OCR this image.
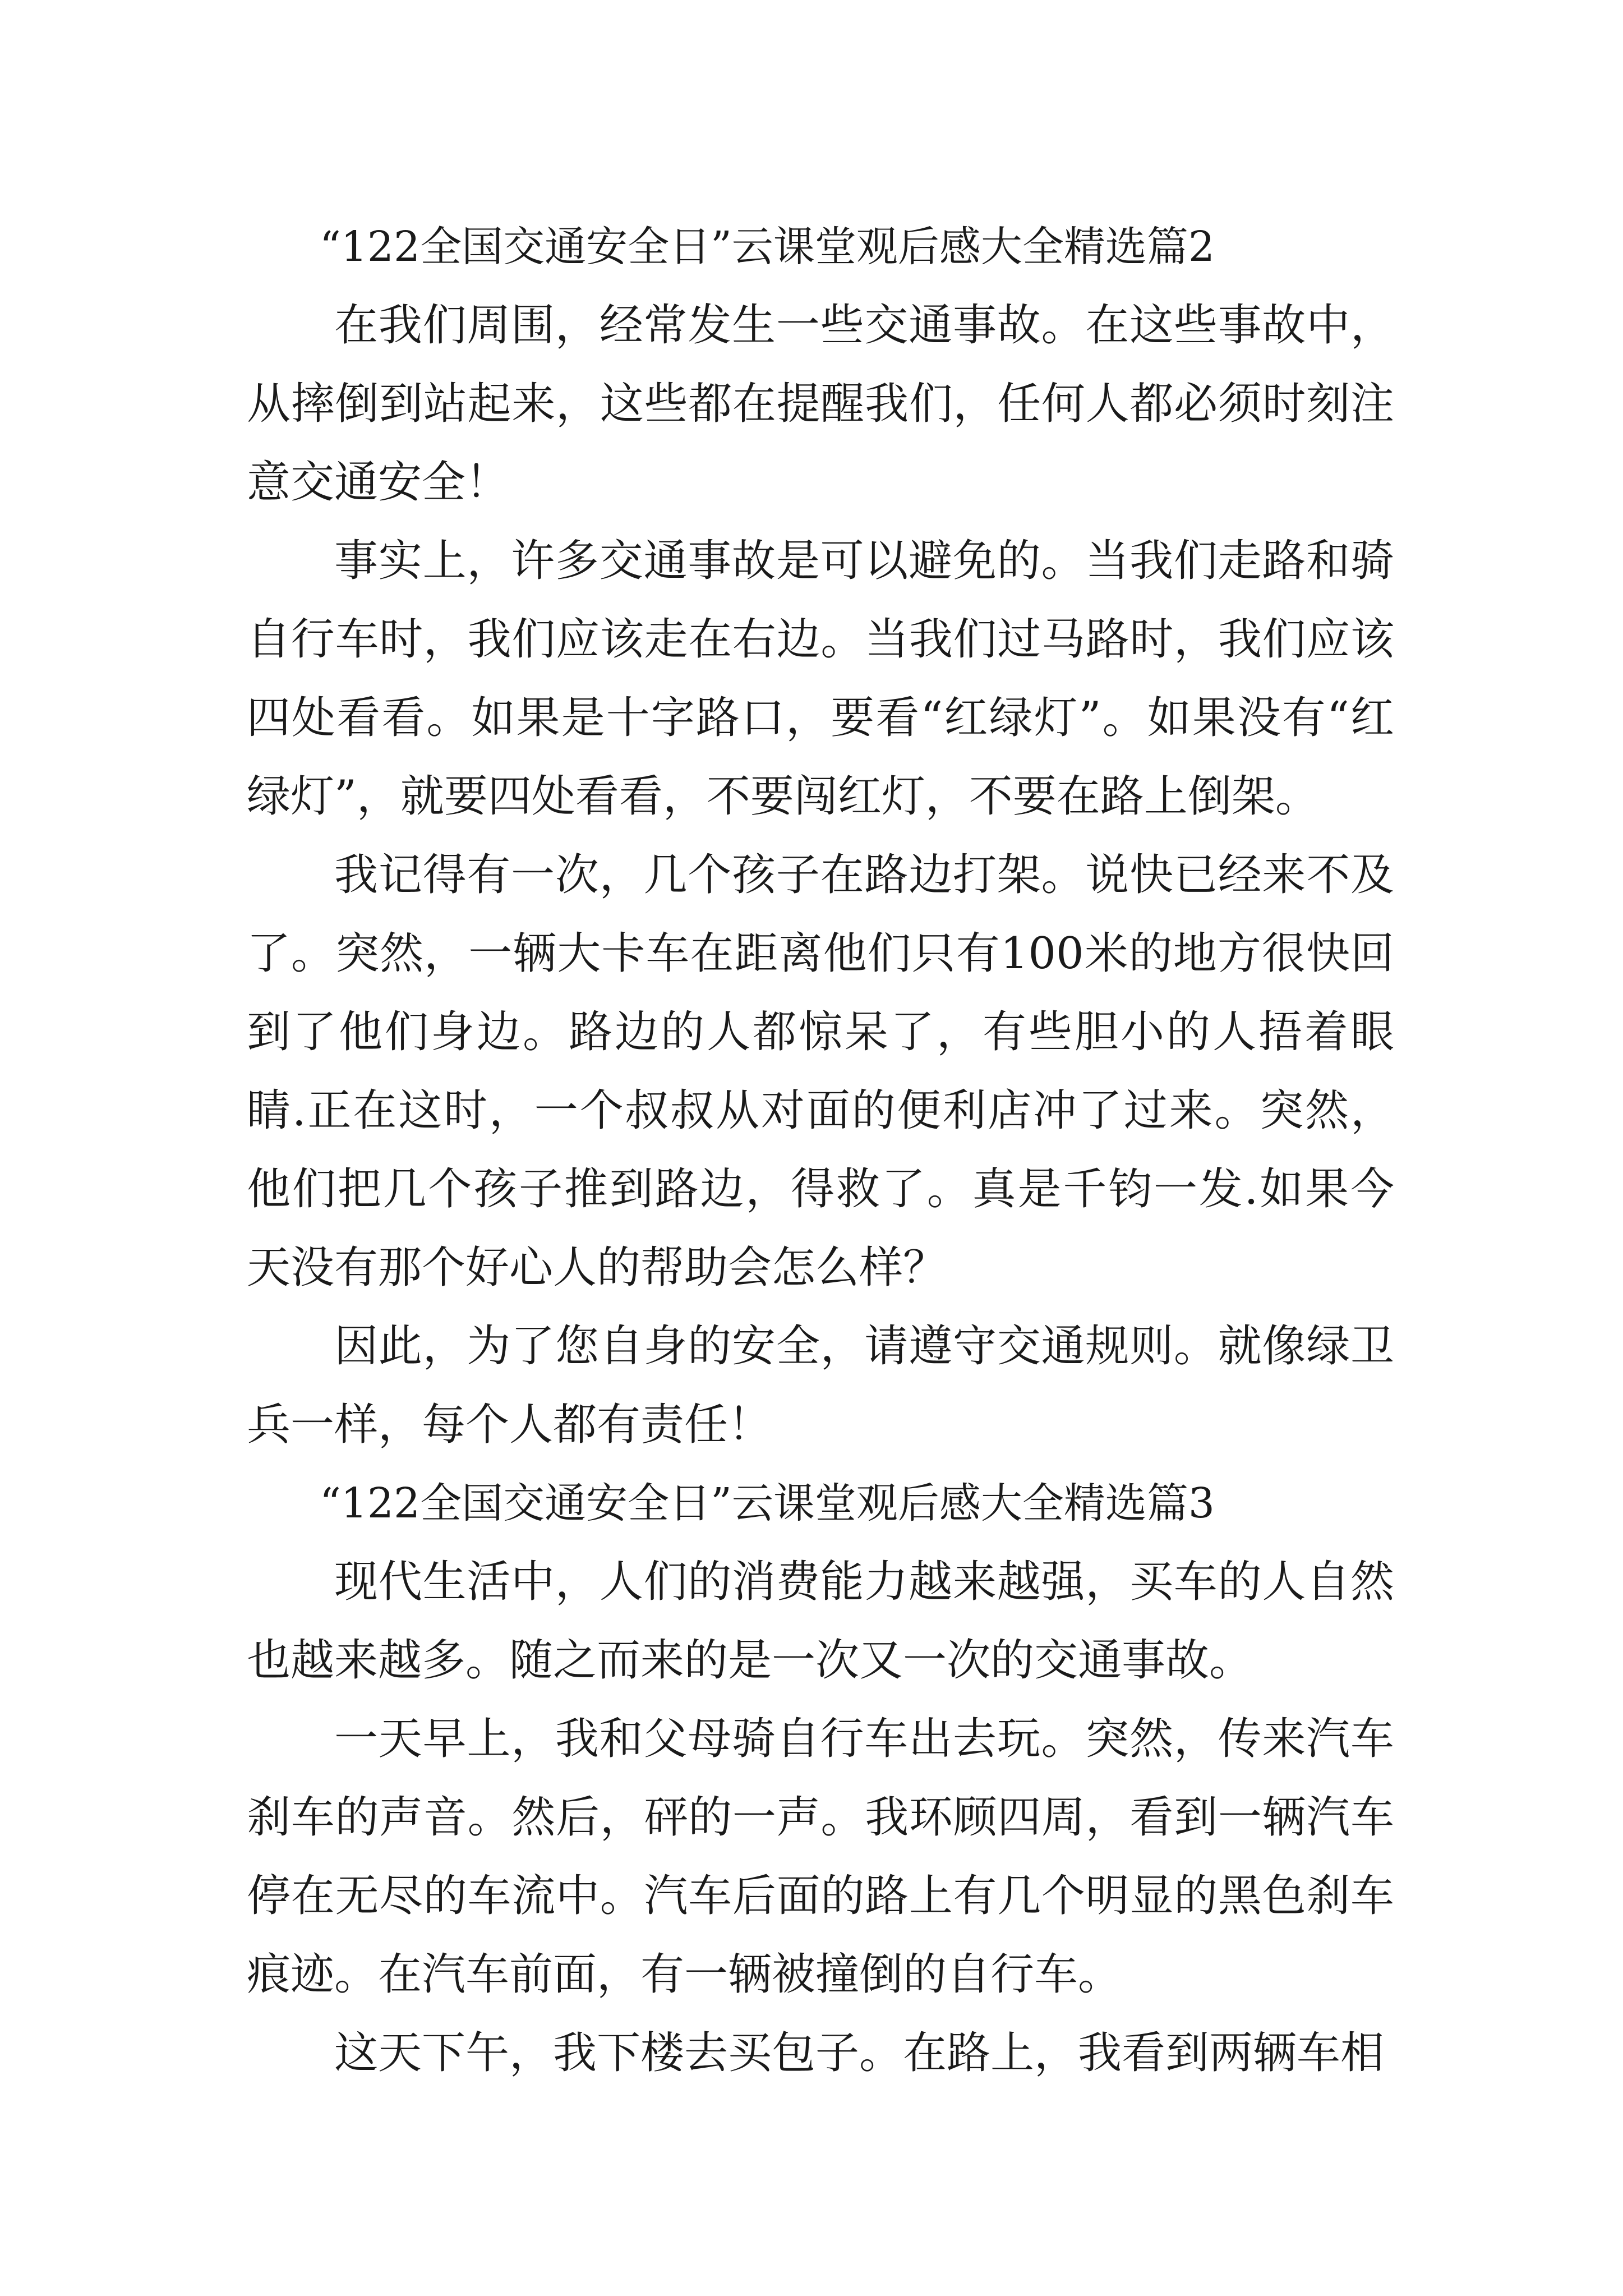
“122全国交通安全日”云课堂观后感大全精选篇2

在我们周围，经常发生一些交通事故。在这些事故中，从摔倒到站起来，这些都在提醒我们，任何人都必须时刻注意交通安全！

事实上，许多交通事故是可以避免的。当我们走路和骑自行车时，我们应该走在右边。当我们过马路时，我们应该四处看看。如果是十字路口，要看“红绿灯”。如果没有“红绿灯”，就要四处看看，不要闯红灯，不要在路上倒架。

我记得有一次，几个孩子在路边打架。说快已经来不及了。突然，一辆大卡车在距离他们只有100米的地方很快回到了他们身边。路边的人都惊呆了，有些胆小的人捂着眼睛.正在这时，一个叔叔从对面的便利店冲了过来。突然，他们把几个孩子推到路边，得救了。真是千钧一发.如果今天没有那个好心人的帮助会怎么样？

因此，为了您自身的安全，请遵守交通规则。就像绿卫兵一样，每个人都有责任！

“122全国交通安全日”云课堂观后感大全精选篇3

现代生活中，人们的消费能力越来越强，买车的人自然也越来越多。随之而来的是一次又一次的交通事故。

一天早上，我和父母骑自行车出去玩。突然，传来汽车刹车的声音。然后，砰的一声。我环顾四周，看到一辆汽车停在无尽的车流中。汽车后面的路上有几个明显的黑色刹车痕迹。在汽车前面，有一辆被撞倒的自行车。

这天下午，我下楼去买包子。在路上，我看到两辆车相
